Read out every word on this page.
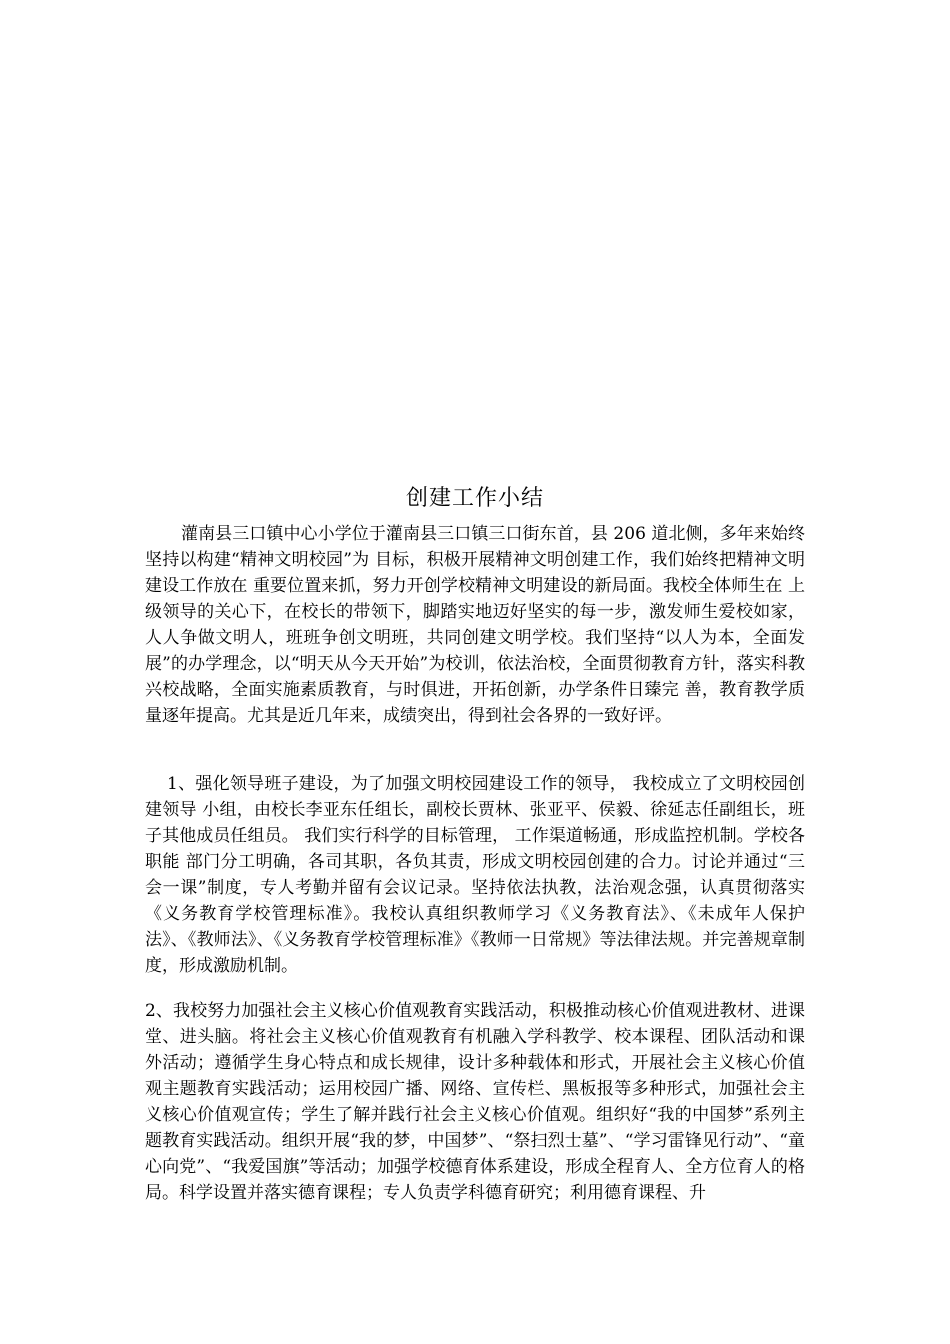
创建工作小结

灌南县三口镇中心小学位于灌南县三口镇三口街东首，县 206 道北侧，多年来始终坚持以构建“精神文明校园”为 目标，积极开展精神文明创建工作，我们始终把精神文明建设工作放在 重要位置来抓，努力开创学校精神文明建设的新局面。我校全体师生在 上级领导的关心下，在校长的带领下，脚踏实地迈好坚实的每一步，激发师生爱校如家，人人争做文明人，班班争创文明班，共同创建文明学校。我们坚持“以人为本，全面发展”的办学理念，以“明天从今天开始”为校训，依法治校，全面贯彻教育方针，落实科教 兴校战略，全面实施素质教育，与时俱进，开拓创新，办学条件日臻完 善，教育教学质量逐年提高。尤其是近几年来，成绩突出，得到社会各界的一致好评。

1、强化领导班子建设，为了加强文明校园建设工作的领导， 我校成立了文明校园创建领导 小组，由校长李亚东任组长，副校长贾林、张亚平、侯毅、徐延志任副组长，班子其他成员任组员。 我们实行科学的目标管理， 工作渠道畅通，形成监控机制。学校各职能 部门分工明确，各司其职，各负其责，形成文明校园创建的合力。讨论并通过“三会一课”制度，专人考勤并留有会议记录。坚持依法执教，法治观念强，认真贯彻落实《义务教育学校管理标准》。我校认真组织教师学习《义务教育法》、《未成年人保护法》、《教师法》、《义务教育学校管理标准》《教师一日常规》等法律法规。并完善规章制度，形成激励机制。

2、我校努力加强社会主义核心价值观教育实践活动，积极推动核心价值观进教材、进课堂、进头脑。将社会主义核心价值观教育有机融入学科教学、校本课程、团队活动和课外活动；遵循学生身心特点和成长规律，设计多种载体和形式，开展社会主义核心价值观主题教育实践活动；运用校园广播、网络、宣传栏、黑板报等多种形式，加强社会主义核心价值观宣传；学生了解并践行社会主义核心价值观。组织好“我的中国梦”系列主题教育实践活动。组织开展“我的梦，中国梦”、“祭扫烈士墓”、“学习雷锋见行动”、“童心向党”、“我爱国旗”等活动；加强学校德育体系建设，形成全程育人、全方位育人的格局。科学设置并落实德育课程；专人负责学科德育研究；利用德育课程、升
